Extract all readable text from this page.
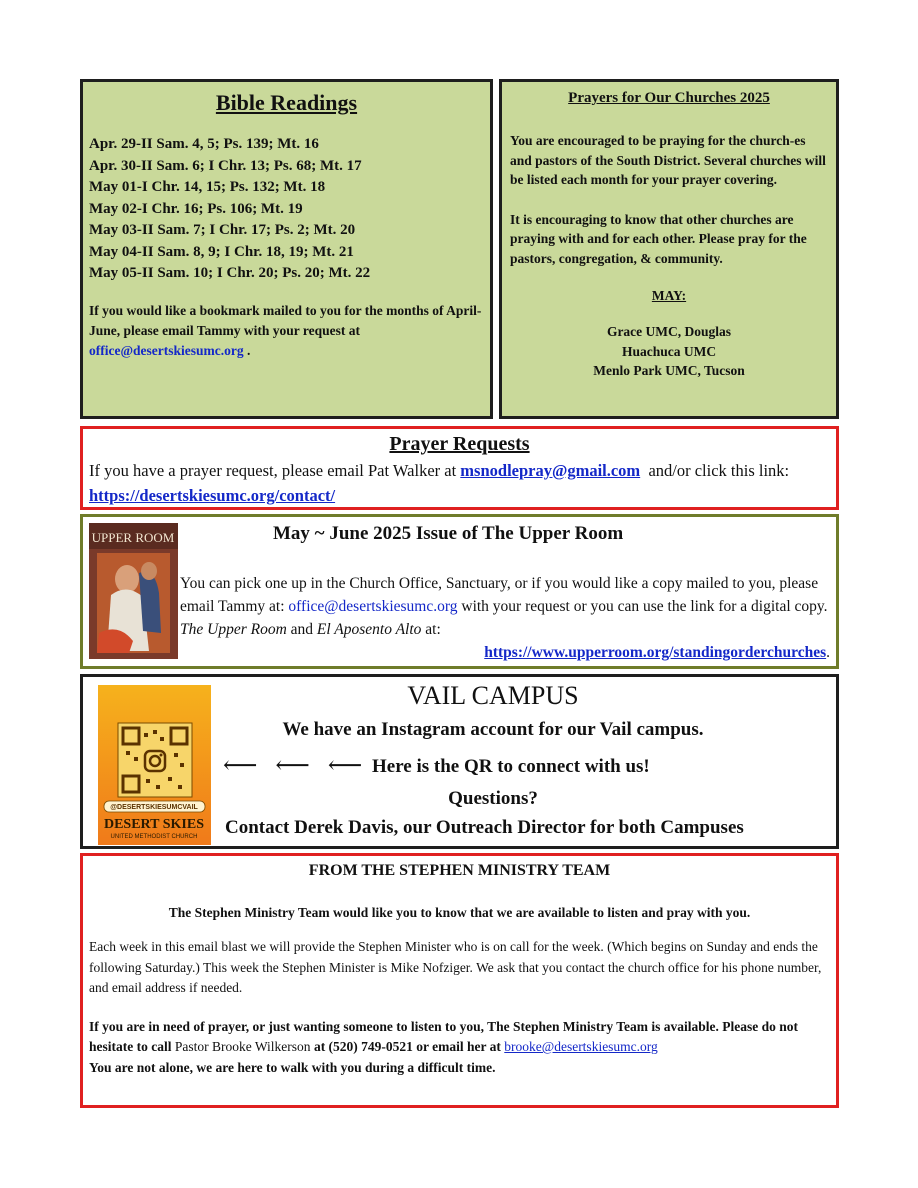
Bible Readings
Apr. 29-II Sam. 4, 5; Ps. 139; Mt. 16
Apr. 30-II Sam. 6; I Chr. 13; Ps. 68; Mt. 17
May 01-I Chr. 14, 15; Ps. 132; Mt. 18
May 02-I Chr. 16; Ps. 106; Mt. 19
May 03-II Sam. 7; I Chr. 17; Ps. 2; Mt. 20
May 04-II Sam. 8, 9; I Chr. 18, 19; Mt. 21
May 05-II Sam. 10; I Chr. 20; Ps. 20; Mt. 22
If you would like a bookmark mailed to you for the months of April-June, please email Tammy with your request at office@desertskiesumc.org .
Prayers for Our Churches 2025

You are encouraged to be praying for the church-es and pastors of the South District. Several churches will be listed each month for your prayer covering.

It is encouraging to know that other churches are praying with and for each other. Please pray for the pastors, congregation, & community.

MAY:
Grace UMC, Douglas
Huachuca UMC
Menlo Park UMC, Tucson
Prayer Requests
If you have a prayer request, please email Pat Walker at msnodlepray@gmail.com and/or click this link: https://desertskiesumc.org/contact/
UPPER ROOM	May ~ June 2025 Issue of The Upper Room
You can pick one up in the Church Office, Sanctuary, or if you would like a copy mailed to you, please email Tammy at: office@desertskiesumc.org with your request or you can use the link for a digital copy. The Upper Room and El Aposento Alto at:
https://www.upperroom.org/standingorderchurches.
@DESERTSKIESUMCVAIL
DESERT SKIES
UNITED METHODIST CHURCH
VAIL CAMPUS
We have an Instagram account for our Vail campus.
⟵ ⟵ ⟵ Here is the QR to connect with us!
Questions?
Contact Derek Davis, our Outreach Director for both Campuses
FROM THE STEPHEN MINISTRY TEAM
The Stephen Ministry Team would like you to know that we are available to listen and pray with you.
Each week in this email blast we will provide the Stephen Minister who is on call for the week. (Which begins on Sunday and ends the following Saturday.) This week the Stephen Minister is Mike Nofziger. We ask that you contact the church office for his phone number, and email address if needed.
If you are in need of prayer, or just wanting someone to listen to you, The Stephen Ministry Team is available. Please do not hesitate to call Pastor Brooke Wilkerson at (520) 749-0521 or email her at brooke@desertskiesumc.org
You are not alone, we are here to walk with you during a difficult time.
